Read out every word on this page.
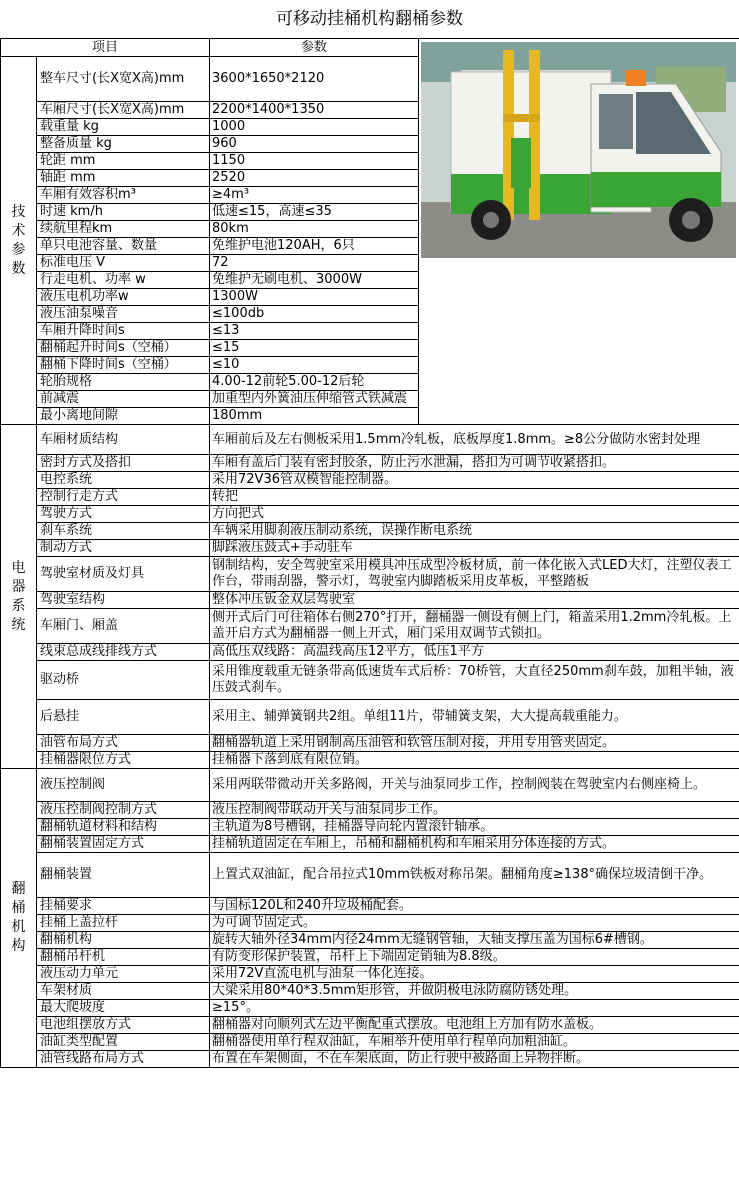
可移动挂桶机构翻桶参数
项目		参数	

技
术
参
数	整车尺寸(长X宽X高)mm	3600*1650*2120	
	车厢尺寸(长X宽X高)mm	2200*1400*1350	
	载重量 kg	1000	
	整备质量 kg	960	
	轮距 mm	1150	
	轴距 mm	2520	
	车厢有效容积m³	≥4m³	
	时速 km/h	低速≤15，高速≤35	
	续航里程km	80km	
	单只电池容量、数量	免维护电池120AH，6只	
	标准电压 V	72	
	行走电机、功率 w	免维护无刷电机、3000W	
	液压电机功率w	1300W	
	液压油泵噪音	≤100db	
	车厢升降时间s	≤13	
	翻桶起升时间s（空桶）	≤15	
	翻桶下降时间s（空桶）	≤10	
	轮胎规格	4.00-12前轮5.00-12后轮	
	前减震	加重型内外簧油压伸缩管式铁减震	
	最小离地间隙	180mm	

电
器
系
统	车厢材质结构	车厢前后及左右侧板采用1.5mm冷轧板，底板厚度1.8mm。≥8公分做防水密封处理	
	密封方式及搭扣	车厢有盖后门装有密封胶条，防止污水泄漏，搭扣为可调节收紧搭扣。	
	电控系统	采用72V36管双模智能控制器。	
	控制行走方式	转把	
	驾驶方式	方向把式	
	刹车系统	车辆采用脚刹液压制动系统，误操作断电系统	
	制动方式	脚踩液压鼓式+手动驻车	
	驾驶室材质及灯具	钢制结构，安全驾驶室采用模具冲压成型冷板材质，前一体化嵌入式LED大灯，注塑仪表工作台，带雨刮器，警示灯，驾驶室内脚踏板采用皮革板，平整踏板	
	驾驶室结构	整体冲压钣金双层驾驶室	
	车厢门、厢盖	侧开式后门可往箱体右侧270°打开，翻桶器一侧设有侧上门，箱盖采用1.2mm冷轧板。上盖开启方式为翻桶器一侧上开式，厢门采用双调节式锁扣。	
	线束总成线排线方式	高低压双线路：高温线高压12平方，低压1平方	
	驱动桥	采用锥度载重无链条带高低速货车式后桥：70桥管，大直径250mm刹车鼓，加粗半轴，液压鼓式刹车。	
	后悬挂	采用主、辅弹簧钢共2组。单组11片，带辅簧支架，大大提高载重能力。	
	油管布局方式	翻桶器轨道上采用钢制高压油管和软管压制对接，并用专用管夹固定。	
	挂桶器限位方式	挂桶器下落到底有限位销。	

翻
桶
机
构	液压控制阀	采用两联带微动开关多路阀，开关与油泵同步工作，控制阀装在驾驶室内右侧座椅上。	
	液压控制阀控制方式	液压控制阀带联动开关与油泵同步工作。	
	翻桶轨道材料和结构	主轨道为8号槽钢，挂桶器导向轮内置滚针轴承。	
	翻桶装置固定方式	挂桶轨道固定在车厢上，吊桶和翻桶机构和车厢采用分体连接的方式。	
	翻桶装置	上置式双油缸，配合吊拉式10mm铁板对称吊架。翻桶角度≥138°确保垃圾清倒干净。	
	挂桶要求	与国标120L和240升垃圾桶配套。	
	挂桶上盖拉杆	为可调节固定式。	
	翻桶机构	旋转大轴外径34mm内径24mm无缝钢管轴，大轴支撑压盖为国标6#槽钢。	
	翻桶吊杆机	有防变形保护装置，吊杆上下端固定销轴为8.8级。	
	液压动力单元	采用72V直流电机与油泵一体化连接。	
	车架材质	大梁采用80*40*3.5mm矩形管，并做阴极电泳防腐防锈处理。	
	最大爬坡度	≥15°。	
	电池组摆放方式	翻桶器对向顺列式左边平衡配重式摆放。电池组上方加有防水盖板。	
	油缸类型配置	翻桶器使用单行程双油缸，车厢举升使用单行程单向加粗油缸。	
	油管线路布局方式	布置在车架侧面，不在车架底面，防止行驶中被路面上异物拌断。	
